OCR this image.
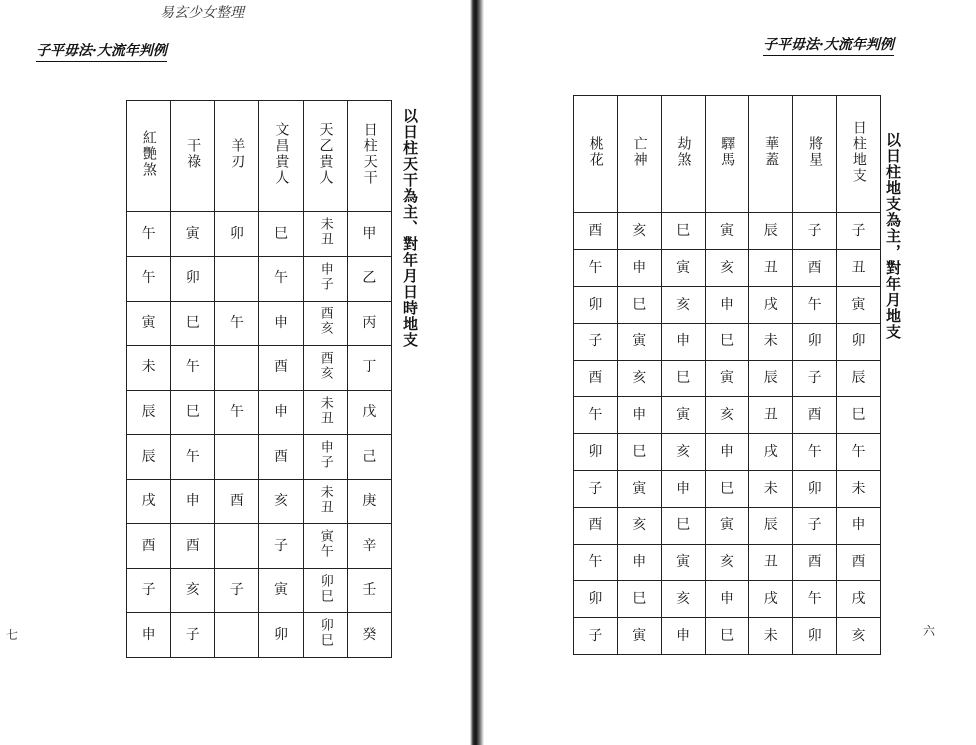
易玄少女整理
子平毋法·大流年判例
紅艷煞	干祿	羊刃	文昌貴人	天乙貴人	日柱天干
午	寅	卯	巳	未丑	甲
午	卯		午	申子	乙
寅	巳	午	申	酉亥	丙
未	午		酉	酉亥	丁
辰	巳	午	申	未丑	戊
辰	午		酉	申子	己
戌	申	酉	亥	未丑	庚
酉	酉		子	寅午	辛
子	亥	子	寅	卯巳	壬
申	子		卯	卯巳	癸
以日柱天干為主、對年月日時地支
七
子平毋法·大流年判例
桃花	亡神	劫煞	驛馬	華蓋	將星	日柱地支
酉	亥	巳	寅	辰	子	子
午	申	寅	亥	丑	酉	丑
卯	巳	亥	申	戌	午	寅
子	寅	申	巳	未	卯	卯
酉	亥	巳	寅	辰	子	辰
午	申	寅	亥	丑	酉	巳
卯	巳	亥	申	戌	午	午
子	寅	申	巳	未	卯	未
酉	亥	巳	寅	辰	子	申
午	申	寅	亥	丑	酉	酉
卯	巳	亥	申	戌	午	戌
子	寅	申	巳	未	卯	亥
以日柱地支為主，對年月地支
六
